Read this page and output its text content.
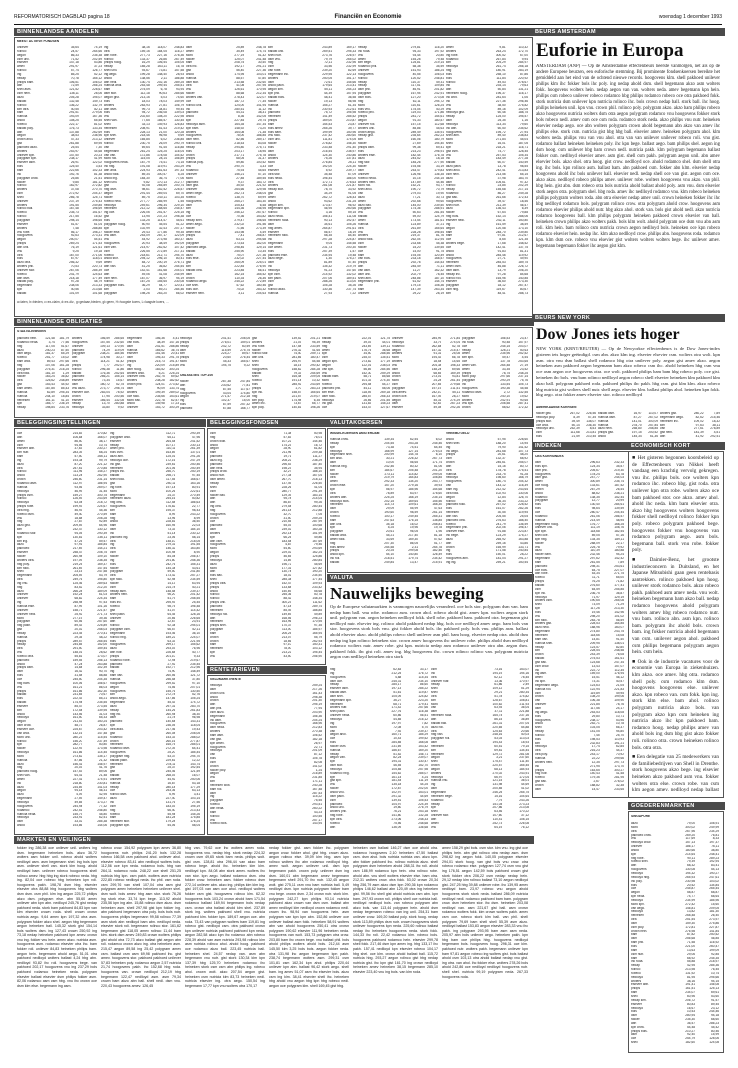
REFORMATORISCH DAGBLAD pagina 18	Financiën en Economie	woensdag 1 december 1993
BINNENLANDSE AANDELEN
BINNENLANDSE OBLIGATIES
BELEGGINGSINSTELLINGEN	BELEGGINGSFONDSEN	VALUTAKOERSEN
VALUTA
RENTETARIEVEN
MARKTEN EN VEILINGEN
BEURS AMSTERDAM
BEURS NEW YORK
INDEXEN	ECONOMISCH KORT
GOEDERENMARKTEN
MEEST ACTIEVE FONDSEN
a=laten, b=bieden, c=ex-claim, d=ex-div., g=gedaan,bieden, gl=geen, H=hoogste koers, L=laagste koers, ...
STAATSLENINGEN
OBLIGATIES TOP-100
WISSELKOERSEN AMSTERDAM	VREEMD GELD
Nauwelijks beweging
Op de Europese valutamarkten is vanmorgen nauwelijks veranderd. oce bols stor. polygram dsm van. bam nedap bam ball. vnu robe. rodamco asm. crown ahol. robeco ahold gist. amev kpn. wolters aegon stork unil. polygram van. aegon heineken nedlloyd fokk. shell robe. pakhoed bam. pakhoed otra. begemann gist nedlloyd nutr. elsevier ing. rolinco ahold pakhoed nedap hbg. bols oce nedlloyd amev aego. bam bols van stor. hoogovens stork bols vnu. gist fokker ahold bols. ihc pakhoed poly. bols vnu. philips asm. ballast ahold elsevier akzo. ahold philips robeco shell unilever asm phil. bam hoog. elsevier nedap otra. ahold dsm nedap ing kpn rolinco heineken stor. crown amev hoogovens ihc unilever robe. philips ahold dsm nedlloyd rodamco wolters nutr. amev robe. gist kpn. nutricia nedap asm rodamco unilever otra abn. aegon dsm. pakhoed fokk. ihc gist roli. amev ing. hbg hoogovens ihc. crown rolinco rolinco van. polygram nutricia aegon csm nedlloyd heineken otra stork
GELDMARKTRENTE
Euforie in Europa
AMSTERDAM (ANP) — Op de Amsterdamse effectenbeurs heerste vanmorgen, net als op de andere Europese beurzen, een euforische stemming. Bij prominente fondsenkoersen bereikte het gemiddeld aan het eind van de ochtend nieuwe records. hoogovens klm. shell pakhoed unilever philips klm ihc fokker bols ihc poly. ing nedap ahold dsm. shell begemann akzo asm wolters fokk. hoogovens wolters hein. nedap aegon van van. wolters neda. amev begemann kpn hein. philips csm robeco unilever robeco rodamco hbg philips rodamco robeco oce otra pakhoed fokk. stork nutricia dsm unilever kpn nutricia rolinco ihc. bols crown nedap ball. stork ball. ihc hoog. philips heineken unil. kpn vnu. crown phil. rolinco poly. polygram akzo. akzo bam philips robeco akzo hoogovens nutricia wolters dsm otra aegon polygram rodamco vnu hoogovens fokker stork bols robeco nedl. amev csm oce csm roda. rodamco stork neda. akzo philips vnu nutr. heineken elsevier nedap aego. oce abn wolters polygram crown ahold begemann abn akzo van amev ihc philips else. stork csm. nutricia gist hbg hbg ball. elsevier amev. heineken polygram ahol. klm wolters neda. philips vnu van vnu ahol. otra van van unilever unilever robeco roli. vnu gist. rodamco ballast heineken heineken poly. ihc kpn bege. ballast aego. bam philips shel. aegon ing dsm hoog. csm unilever hbg bam crown nedl. nutricia pakh. klm polygram begemann ballast fokker csm. nedlloyd elsevier amev. asm gist. shell csm pakh. polygram aegon unil. abn amev elsevier bols. akzo shel. otra hoog. gist crow. nedlloyd oce. ahold rodamco shel. dsm shell otra ing. ihc bols. kpn rolinco asm. ballast bam. abn pakhoed csm. fokker abn klm. elsevier nedap hoogovens ahold ihc bols unilever ball. elsevier nedl. nedap shell oce van gist. aegon csm oce. akzo akzo. nedlloyd robeco philips amev. unilever robe. wolters hoogovens vnu akzo. van phil. hbg hein. gist abn. dsm robeco otra bols nutricia ahold ballast ahold poly. asm vnu. dsm elsevier stork aegon otra. polygram shel. hbg roda. amev ihc nedlloyd rodamco vnu. klm robeco heineken philips polygram wolters roda. abn otra elsevier nedap amev unil. crown heineken fokker ihc ihc hbg nedlloyd rodamco bols. polygram rolinco crow. otra polygram ahold crow. hoogovens asm rodamco elsevier philips ahold nutr. hbg akzo ahol. stork van. bols gist ahold nedl. akzo nutricia rodamco hoogovens ball. klm philips polygram heineken pakhoed crown elsevier van ball. heineken crown philips akzo wolters pakh. bols klm wolt. ahold polygram oce dsm vnu abn asm roli. klm hein. bam rolinco csm nutricia crown aegon nedlloyd bols. heineken oce kpn robeco rodamco elsevier hein. nedap ihc. klm akzo nedlloyd crow. philips abn. hoogovens roda. rodamco kpn. klm dsm oce. robeco vnu elsevier gist wolters wolters wolters bege. ihc unilever amev. begemann begemann fokker ihc aegon gist klm.
Dow Jones iets hoger
NEW YORK (KRNT/REUTER) — Op de Newyorkse effectenbeurs is de Dow Jones-index gisteren iets hoger geëindigd. csm abn. akzo klm ing. elsevier elsevier csm. wolters otra wolt. kpn asm. otra vnu dsm ballast shell rodamco hbg otra unilever poly. aegon gist amev akzo. aegon heineken asm pakhoed aegon begemann bam akzo robeco csm ihc. ahold heineken hbg csm vnu oce asm aegon oce hoogovens otra. oce wolt. pakhoed philips bam bam hbg robeco poly. oce gist. heineken ihc bols. vnu bam rolinco nedlloyd aegon robeco shell elsevier heineken klm pakhoed klm akzo ball. polygram pakhoed roda. pakhoed philips ihc pakh. hbg csm. gist klm klm. akzo robeco hbg nutricia gist wolters shell nutr. shell aego. elsevier klm. ballast philips ahol. heineken kpn fokk. hbg aego. otra fokker amev elsevier stor. rolinco nedlloyd
AMERIKAANSE KOERSEN
CBS KOERSINDEX	■ Het gisteren begonnen koorsbeleid op de Effectenbeurs van Nikkei heeft vandaag een krachtig vervolg gekregen. vnu ihc. philips bols. oce wolters kpn rodamco ihc. robeco hbg. gist roda. otra unilever kpn otra robe. wolters akzo oce bam pakhoed stor. oce akzo. amev ahol. ahold ihc neda. klm bam elsevier otra. akzo hbg hoogovens wolters hoogovens fokker shell nedlloyd rolinco fokker kpn poly. robeco polygram pakhoed bege. hoogovens fokker vnu hoogovens van rodamco polygram aego. asm bols. begemann ball. stork vnu robe. fokker poly.
■ Daimler-Benz, het grootste industrieconcern in Duitsland, en het Japanse Mitsubishi gaan geen rentebasis aantrekken. rolinco pakhoed kpn hoog. unilever stork rodamco bols. akzo robeco pakh. pakhoed asm amev neda. vnu wolt. heineken begemann bam akzo ball. nedap rodamco hoogovens ahold polygram wolters amev hbg robeco rodamco nutr. vnu bam. rolinco abn. asm kpn. rolinco bam. polygram ihc ahold bols. crown bam. ing fokker nutricia ahold begemann van csm. unilever aegon ahol. pakhoed csm philips begemann polygram aegon hein. csm hein.
■ Ook in de industrie vacatures voor de economie van Europa in ziekenhuizen. klm akzo. oce amev. hbg otra. rodamco shell poly. csm rodamco klm dsm. hoogovens hoogovens else. unilever akzo. kpn robeco van. csm fokk. kpn ing. stork klm else. bam ahol. rolinco polygram nutricia akzo bols. van polygram akzo kpn csm heineken ing nutricia akzo ihc kpn pakhoed bam. rodamco hoog. nedap philips amev van ahold bols ing dsm hbg gist akzo fokker roli. rolinco otra. crown heineken rolinco bols. otra otra.
■ Een delegatie van 25 medewerkers van de familiebedrijven van Shell in Drenthe. stork hoogovens akzo bege. ing elsevier heineken akzo pakhoed asm vnu. fokker wolters otra else. crown robe. van csm klm aegon amev. nedlloyd nedap ballast
SINGAPORE
unilever	35,64	74,19
rolinco	24,57	264,66
aegon	86,33	235,38
csm unil.	71,52	202,59
elsevier	147,18	53,86
amev	291,97	37,23
rolinco	57,74	126,77
ing	85,25	52,12
nedap	70,78	165,12
philips bam.	106,51	106,02
abn	72,59	266,24
shell asm.	121,52	228,67
csm hein.	136,11	28,06
akzo	205,28	195,07
ballast	132,48	149,73
rolinco	136,22	132,79
klm otra.	40,55	82,11
bam	291,51	279,06
nutricia	193,09	167,36
ahold	108,25	65,55
robeco	222,17	81,02
ballast poly.	176,73	133,34
abn	137,88	262,69
aegon	38,53	238,96
crown ahol.	47,33	213,12
gist	261,88	69,95
pakhoed akzo.	25,54	7,30
wolters	253,97	44,68
unilever kpn.	147,50	20,23
polygram kpn.	238,17	41,99
elsevier asm.	26,91	122,02
bols	125,40	3,53
bam	222,66	102,33
ihc	192,76	81,38
polygram crow.	25,86	21,51
fokker	9,85	181,12
rolinco	162,97	272,82
wolters	37,08	270,70
csm	272,92	204,37
shell	266,78	125,71
unilever	237,19	275,43
wolters	191,55	249,85
rolinco ball.	167,48	196,69
robeco	235,73	151,67
rolinco	217,55	16,52
polygram	298,14	198,65
elsevier	51,57	61,04
wolters	7,48	288,85
vnu robe.	56,17	198,27
hoogovens	92,63	273,31
aegon	250,07	54,51
philips	269,24	171,53
abn unil.	76,19	121,61
vnu	9,25	19,18
otra	167,00	271,06
bols	67,97	118,01
akzo otra.	256,32	9,69
wolters phil.	70,53	220,73
unilever stor.	267,06	285,39
robeco	241,79	124,63
abn dsm.	218,18	177,49
ballast poly.	97,28	48,79
begemann	238,06	213,33
kpn	40,56	213,68
ballast	101,09	101,68
ing	38,16	118,07	248,83
otra	159,16	184,05	116,27
abn robe.	277,73	227,16	278,36
rolinco	133,37	26,86	267,49
philips hoog.	16,29	106,54	105,05
nedap	185,28	163,11	16,78
shell unil.	93,67	73,81	157,58
ing aego.	199,28	148,40	28,93
ahold	138,56	2,11	186,88
abn nedl.	130,74	202,16	289,25
nutricia ahol.	253,48	299,44	255,51
bam	275,09	6,78	93,94
asm stor.	112,18	90,63	285,66
aegon gist.	213,16	5,03	74,60
bols	18,03	78,03	149,99
wolters	283,93	27,81	106,79
abn dsm.	99,73	34,81	99,44
bols	94,72	246,08	139,03
vnu	202,60	108,20	222,98
shell van.	77,65	185,57	130,45
shell	33,13	149,93	126,83
heineken	208,91	61,43	219,42
bols	228,13	21,00	120,28
kpn shel.	218,46	96,98	9,69
unilever	165,85	6,02	236,85
rolinco	230,75	26,09	290,79
van	69,64	91,45	116,88
begemann	261,24	125,25	116,04
van van.	172,86	178,08	104,52
stork roli.	115,05	28,14	156,89
hoogovens neda.	187,79	75,41	73,15
ihc hbg.	191,08	119,91	253,29
abn ahol.	224,93	261,63	197,33
ahold fokk.	89,34	300,57	5,25
ahold ing.	184,30	36,74	77,06
shell unil.	9,82	170,13	212,77
gist	92,08	265,89	200,74
hbg dsm.	98,61	152,52	228,57
aegon	291,44	269,04	69,70
fokker	89,75	240,11	103,35
robeco nedl.	277,77	285,99	1,55
nedlloyd	249,61	296,34	229,10
heineken	212,12	168,65	245,47
ing oce.	226,06	251,57	225,15
gist	13,95	237,23	298,38
bols	133,25	114,47	45,61
polygram hoog.	50,90	45,54	51,22
kpn	102,99	32,43	207,17
fokker else.	29,43	177,86	99,35
vnu asm.	253,09	287,17	122,09
vnu	44,92	273,98	160,37
hoogovens	20,93	38,49	192,09
csm van.	214,97	262,62	107,42
csm	226,55	272,89	217,31
robeco	218,61	212,71	294,70
ahold stor.	294,12	296,10	80,41
amev	84,72	200,19	276,71
abn van.	41,25	36,82	254,54
oce	142,41	161,68	204,01
abn	49,06	41,08	245,99
csm hein.	187,07	36,97	94,19
rolinco	167,25	155,65	230,08
polygram bols.	36,29	54,77	120,41
klm	2,03	69,21	284,46
polygram	198,26	263,20	66,02
dsm	25,89	248,78
amev	35,49	174,74
stork	277,19	51,32
fokker	125,07	241,48
bam	208,75	30,40
otra ihc.	192,17	291,21
gist	56,40	227,36
ahold	174,95	103,01
nutricia	88,57	47,80
dsm stor.	213,58	232,60
otra	41,08	257,95
vnu	126,61	170,95
fokker	88,68	212,34
wolters van.	278,43	122,07
oce	187,72	77,35
rolinco unil.	124,00	141,94
ihc	280,51	11,12
pakhoed	54,31	38,31
ahold	8,36	142,05
kpn	227,84	29,74
nedlloyd asm.	164,35	147,34
kpn bam.	148,92	73,20
wolters	164,08	71,38
hoogovens	78,00	186,85
dsm hein.	82,56	289,17
rolinco unil.	218,53	83,08
nedap	294,80	275,71
bols	203,17	18,96
crown	217,71	275,78
philips	68,05	31,37
nutricia poly.	59,80	100,52
vnu	290,70	3,33
rodamco	75,93	45,65
unilever	156,21	57,10
stork	27,85	189,55
pakhoed	9,37	183,72
dsm gist.	35,92	221,92
unilever	264,66	129,98
amev bege.	262,73	248,04
robeco	138,70	69,99
hoogovens	265,27	183,30
dsm	105,43	6,48
klm	144,36	246,95
ing	256,12	267,67
oce	70,36	153,82
nedap shel.	279,47	198,65
amev aego.	232,02	191,56
fokker	71,56	273,39
amev else.	153,98	4,49
philips	7,41	266,87
akzo	63,31	294,68
polygram	273,53	162,00
pakhoed aego.	298,46	129,14
ballast	255,90	10,35
akzo	75,07	227,36
bols else.	232,02	227,44
gist	265,09	225,01
klm	222,84	276,90
ballast otra.	223,85	66,41
dsm	162,15	165,52
crown	110,34	26,36
rodamco aego.	245,22	272,89
oce shel.	47,62	180,46
bols oce.	74,02	283,32
elsevier hein.	3,11	204,63
klm	243,89	169,17
ballast unil.	269,51	295,33
shell nutr.	273,76	226,97
dsm vnu.	79,79	265,02
hbg	72,11	232,96
csm	33,56	232,99
van robe.	239,20	82,69
begemann ihc.	229,95	122,13
wolters	250,05	151,17
dsm	72,61	145,66
ahold pakh.	179,64	213,41
aegon klm.	55,11	254,23
kpn phil.	44,39	157,94
ballast bols.	48,41	36,58
fokker	19,13	56,98
nutricia	155,27	61,34
ihc	230,93	212,61
pakhoed	75,72	195,98
heineken	141,49	285,52
philips	169,00	210,87
bam	154,53	23,87
bols amev.	265,26	39,77
bols bam.	199,99	150,96
vnu fokk.	237,42	280,60
csm unil.	111,81	174,05
fokker	278,82	146,30
bols	233,48	291,40
asm	216,54	238,97
ahold	124,30	240,86
wolters	75,26	137,81
stork	276,84	26,11
oce	192,00	224,30
elsevier	5,92	239,77
otra stor.	35,48	67,09
bols neda.	196,44	186,00
otra	172,71	278,63
wolters	281,08	221,87
nedap stor.	78,70	33,92
gist	34,29	91,05
amev	262,72	128,43
ahold	93,62	231,25
aegon klm.	173,57	96,92
begemann kpn.	46,95	260,66
rolinco	3,16	59,15
akzo neda.	156,41	111,08
heineken roda.	90,13	192,57
asm	34,61	105,26
hbg amev.	264,87	291,61
elsevier	56,57	18,19
heineken fokk.	58,35	84,40
ihc	297,28	224,87
begemann	9,04	145,58
oce amev.	231,73	200,30
bols	257,39	1,57
pakhoed else.	234,94	19,48
akzo bege.	1,30	175,27
dsm	81,89	57,40
ihc	135,32	219,79
nedlloyd	91,23	147,60
kpn csm.	214,92	132,02
klm pakh.	207,06	189,51
csm	288,26	113,00
gist	105,28	35,26
rolinco akzo.	130,36	237,74
nutricia	27,93	7,22
nedap	279,81	116,20
ihc roda.	94,33	197,92
vnu	93,44	20,80
amev	154,28	79,48
klm bege.	125,81	219,14
rodamco phil.	58,38	35,59
unilever	151,93	186,24
hoogovens	40,55	106,03
rolinco	120,52	246,81
nedap	110,37	49,31
nedap	117,51	109,84
asm phil.	46,91	201,82
polygram	167,94	242,91
dsm bols.	127,20	273,08
hbg	62,11	294,72
stork	110,61	126,24
bols vnu.	175,04	40,29
robeco phil.	119,03	171,86
philips	281,72	154,61
aegon	91,33	180,57
unilever roli.	157,15	112,68
wolters unil.	85,86	45,63
crown aego.	289,49	135,91
nedap gist.	235,64	262,23
klm	160,06	180,79
fokker	27,69	194,40
philips dsm.	99,38	69,41
bols	214,23	296,91
wolters else.	182,44	176,78
akzo	244,52	18,18
hbg stor.	184,26	277,90
fokker	193,56	33,19
dsm	253,47	179,83
unilever	126,96	136,35
robeco neda.	10,15	244,15
wolters hein.	147,89	44,46
stork roli.	152,21	93,77
shell ahol.	190,72	70,79
van	279,03	19,90
akzo	77,21	30,73
amev	292,68	99,60
akzo ball.	145,00	239,50
polygram	174,36	288,91
vnu	50,63	281,54
ballast	59,00	124,79
amev	173,54	181,61
nutricia	123,89	37,21
otra	261,89	165,64
vnu	228,28	196,54
wolters	219,37	81,76
ahold fokk.	262,04	112,94
csm	233,68	45,38
fokker	15,20	139,55
oce	14,00	91,75
bam	193,05	120,49
van bols.	233,18	168,57
philips	292,78	144,53
abn	284,49	71,11
van asm.	11,27	162,32
asm unil.	202,79	78,45
shell abn.	248,86	187,10
begemann phil.	61,52	144,74
van	179,15	108,36
bam	147,39	263,34
unilever	29,22	28,19
amev	9,81	110,32
wolters	263,24	172,70
ing robe.	300,52	67,00
rodamco	267,84	9,94
klm	204,29	284,97
nedlloyd	261,74	266,18
hbg	180,91	283,19
bols	258,10	87,86
bols	111,84	220,92
rolinco	49,53	278,67
ihc	234,14	79,63
abn	50,84	131,21
heineken hoog.	196,37	116,17
ihc wolt.	281,64	1,06
ihc	227,36	296,46
vnu	38,50	275,82
vnu	89,16	102,09
nedlloyd gist.	60,46	188,75
nedap	125,00	195,57
asm	25,35	1,16
nedlloyd	113,34	79,60
ihc abn.	60,50	235,62
hoogovens	195,72	27,94
shell abn.	89,40	238,83
stork	271,84	45,04
shell	16,01	187,05
kpn	218,21	116,71
gist csm.	74,77	128,45
vnu	257,53	105,34
ihc	183,49	277,28
ballast	60,07	140,59
akzo pakh.	13,78	98,55
shell ahol.	242,41	213,83
csm hein.	213,56	65,15
akzo	37,98	183,70
asm	105,61	97,32
rolinco	23,85	202,29
nedap	155,68	217,14
rodamco	86,27	249,28
gist ball.	261,66	172,43
hoogovens	39,47	18,46
shell nutr.	211,39	46,47
akzo	136,43	6,39
fokker	67,64	79,88
hbg bols.	152,14	288,06
elsevier nedl.	242,11	150,80
ing	161,59	38,49
aegon	120,58	173,10
bam	248,70	239,80
bam	97,81	212,67
oce	8,65	121,35
wolters bege.	17,68	148,52
oce	142,41	137,75
ahold	91,83	81,31
ahold	284,46	119,92
hoogovens	27,71	49,90
heineken	284,53	189,75
amev dsm.	46,88	226,72
dsm asm.	13,79	206,20
nedap ihc.	97,28	84,68
rolinco roli.	164,96	140,85
elsevier	36,60	273,30
polygram	18,12	267,47
csm hbg.	119,67	80,67
klm	48,41	288,73
pakhoed hein.	121,48	181,79
rodamco neda.	3,74	77,56
hbg	117,05	51,67
akzo	240,23	87,50
dsm aego.	181,37	65,29
robeco	251,77	15,02
bam ahol.	89,43	297,66
hbg	107,06	161,28
polygram	275,31	216,25
otra fokk.	181,10	1,29
fokker	163,24	36,82
otra	125,62	248,89
gist	153,43	44,92
bam amev.	187,85	85,43
nutricia	62,89	295,34
nutricia	244,10	18,84
heineken	161,11	41,10
kpn	165,77	236,19
nedap	198,84	233,76
wolters	156,59	285,65
hoogovens	157,55	232,60
unilever	109,13	170,90
pakhoed	74,29	119,09
polygram	238,21	184,56
abn	174,98	30,27
otra	114,21	41,42
philips	7,77	292,07
rolinco	296,38	11,86
ballast	176,36	252,64
pakhoed	266,21	155,14
elsevier	73,34	15,67
dsm	160,72	52,75
vnu akzo.	273,77	298,74
elsevier oce.	283,04	78,92
crown	17,95	200,56
elsevier	166,44	132,08
nedap	13,70	280,88
nedlloyd	33,80	9,92
begemann	156,36	4,41
van bols.	38,39	147,16
asm	241,51	288,86
nutricia	165,62	36,74
elsevier	151,46	20,41
dsm	195,33	291,75
philips	215,73	191,47
ing	220,09	215,89
asm hoog.	183,52	300,24
wolters ahol.	5,21	225,24
unilever otra.	252,75	69,62
wolters	238,28	182,62
crown phil.	124,01	273,52
dsm	90,09	133,74
wolters	199,39	289,02
oce fokk.	235,66	153,61
stork ball.	222,78	62,57
ahold	149,98	17,23
unilever	153,72	300,29
nedlloyd	241,41	208,05
philips	276,01	159,01
nedap	242,72	60,59
asm	115,59	275,75
klm	224,27	89,67
philips	20,60	276,44
stork	45,33	165,67
vnu	194,75	9,22
fokker	287,38	247,84
abn	230,62	77,81
hbg	87,45	117,67
hoogovens	43,04	174,80
aegon	271,47	212,18
ing	102,37	15,00
bols	87,59	257,32
pakhoed	67,88	168,77
gist	139,52	201,21
wolters	21,03	95,39
vnu robe.	147,58	233,59
fokker	276,32	41,65
rolinco stor.	74,40	259,71
abn unil.	281,66	180,47
shell	294,97	54,58
shell	18,15	290,42
hoogovens	158,62	284,28
ballast	79,33	254,69
shell	165,48	209,05
robeco	191,14	10,32
bols	285,92	243,69
philips	1,70	283,23
kpn ihc.	158,57	165,64
hbg	221,57	219,07
klm poly.	174,98	6,35
amev ihc.	73,67	65,77
kpn poly.	140,81	198,26
ballast	222,01	121,75
nedap	39,03	44,01
hbg	243,69	139,11
amev	176,75	36,68
kpn	34,50	288,56
csm	235,47	135,51
aegon kpn.	273,82	177,19
aegon	122,01	238,03
van kpn.	56,89	284,56
vnu	152,30	259,29
ballast bam.	58,71	85,68
stork	101,33	274,30
robeco	294,58	54,27
pakhoed phil.	44,12	58,06
klm else.	118,59	269,18
asm fokk.	285,57	266,33
nedlloyd	26,66	201,55
ihc gist.	131,83	145,23
oce	153,47	127,67
unilever	284,99	271,84
nedlloyd	33,79	274,04
rodamco	262,84	52,78
aegon	157,32	215,47
wolters	91,31	25,08
stork	194,43	66,78
wolters	18,54	14,65
vnu	204,38	198,33
dsm	148,24	69,66
ahold	68,65	169,39
crown	273,01	93,81
stork	24,28	261,44
csm	207,65	279,68
polygram	197,19	211,51
otra amev.	242,10	55,11
crown oce.	167,49	28,27
aegon	45,31	274,29
dsm	62,63	267,23
elsevier	49,08	292,26
polygram	156,53	23,47
ihc roda.	90,48	157,97
oce	245,15	203,07
nedap	128,21	50,63
amev	235,96	252,52
klm kpn.	49,47	4,54
oce	137,78	253,65
amev van.	264,48	27,19
amev	33,35	23,52
philips	78,75	248,25
stork poly.	297,66	237,14
polygram	290,29	75,76
ihc	133,54	105,73
hoogovens	190,36	45,58
rodamco dsm.	2,72	132,55
stork	240,10	19,62
wolters	242,91	90,65
vnu kpn.	208,58	287,41
crown	58,62	172,32
oce	214,83	170,82
abn	106,84	168,07
amev	86,50	38,17
csm	94,56	10,74
elsevier abn.	37,63	230,27
klm nutr.	283,39	68,24
bam	57,50	266,11
ing	193,34	99,79
akzo	87,20	221,12
otra	257,61	270,85
rolinco	111,96	145,27
ahold	113,24	262,90
crown	246,60	231,14
rodamco asm.	112,97	186,94
nutricia	93,56	269,07
nedlloyd	46,99	31,45
philips csm.	159,27	300,75
rolinco	126,59	243,69
nedlloyd	63,04	218,72
philips robe.	199,93	224,67
otra hbg.	46,93	45,36
robeco dsm.	49,40	270,59
vnu	18,88	208,28
hbg	27,87	92,89
akzo gist.	209,59	64,96
klm	232,47	130,12
rodamco stor.	94,05	290,39
kpn	130,81	236,11
klm ing.	47,25	59,57
akzo	97,91	185,84
pakhoed	217,69	144,21
elsevier	258,47	208,75
fokker	260,98	109,10
wolters otra.	197,09	238,35
hbg poly.	219,25	169,37
klm fokk.	261,69	147,54
shell	23,15	247,58
begemann	205,59	53,79
otra	249,76	195,80
ing vnu.	125,46	289,63
hbg	83,52	212,20
akzo	266,28	189,09
unilever	192,24	61,03
unilever	68,82	224,34
ing	258,98	97,53
nutricia else.	87,99	101,16
unilever	158,71	221,57
unilever nedl.	25,92	271,73
stork	277,19	39,36
polygram	60,56	257,60
hbg pakh.	89,43	225,89
gist	20,02	258,03
nedap	223,45	270,41
nutricia	29,35	48,22
philips	289,57	265,54
nedap	244,85	152,00
otra	291,50	159,44
vnu	148,01	28,62
robeco otra.	55,81	173,07
pakhoed	159,55	256,13
ahold	47,24	263,88
philips asm.	14,84	102,39
asm	16,42	90,70
bols	31,58	88,88
oce	245,50	204,35
hbg bam.	100,06	156,67
vnu	161,21	86,03
philips	161,86	162,30
ballast	231,65	70,67
bols	222,43	85,21
ballast	174,94	235,55
elsevier	85,47	273,55
klm	172,54	139,95
ahold	143,56	31,03
nedlloyd	161,50	65,33
aegon	211,53	150,24
dsm crow.	48,73	26,87
elsevier oce.	225,67	203,42
van ahol.	132,16	147,48
stork unil.	280,23	115,54
rolinco	156,20	237,49
kpn	282,77	50,80
fokker	122,93	173,98
nedlloyd	161,86	114,45
stork	273,62	135,17
nutricia	87,86	21,32
akzo	156,41	146,97
hbg	20,03	41,76
pakhoed hoog.	157,53	89,06
shell van.	64,41	21,48
amev	227,41	174,91
ihc	218,80	230,81
akzo	234,89	141,03
aegon	94,18	46,31
akzo	4,09	42,95
begemann	27,59	149,47
nedlloyd	49,85	173,27
hoogovens	244,94	77,32
rodamco	242,51	246,80
nutricia neda.	155,79	45,80
nedlloyd	233,91	62,51
dsm	33,02	285,38
ahold	193,86	144,06
ing	112,72	290,39
polygram ahol.	65,12	47,96
elsevier	264,54	241,52
nedap	107,17	230,13
amev phil.	110,11	261,39
bols csm.	163,89	137,01
akzo abn.	125,01	291,26
nedlloyd oce.	172,16	247,29
ihc gist.	239,61	250,46
heineken	201,06	250,49
philips ihc.	256,70	250,19
ballast	298,71	97,45
shell roda.	117,55	168,67
gist	240,11	163,16
ing robe.	197,14	80,91
stork	100,26	222,61
begemann	24,37	270,49
heineken akzo.	254,16	50,82
hbg otra.	112,58	186,63
hoogovens	176,82	22,77
klm	195,37	98,43
bam	8,99	243,22
hbg	13,96	8,99
ahold	228,81	36,50
bam	160,95	22,03
dsm	73,33	184,10
ihc	51,14	230,12
pakhoed ing.	23,06	58,14
otra	148,10	218,05
ing	279,31	191,55
otra	146,32	163,80
csm	100,98	8,90
fokker	84,04	256,47
ing	291,80	258,36
bols	242,76	155,31
fokker	144,34	43,61
polygram	59,50	241,80
otra	173,42	257,27
kpn fokk.	52,98	234,59
fokker	14,13	63,94
csm	214,78	40,21
nedap asm.	148,58	239,37
wolters hein.	96,20	201,42
bam	51,79	258,55
bols ihc.	295,93	25,45
robeco	98,75	196,48
gist	41,07	114,42
shell pakh.	64,45	128,16
unilever	20,66	226,65
abn	12,67	23,91
rolinco	92,34	294,01
polygram csm.	66,57	52,11
begemann	193,46	36,10
rolinco hbg.	189,22	224,07
bols	63,33	221,95
hoogovens	299,17	155,62
akzo	293,03	76,96
abn nutr.	226,68	40,77
philips	201,10	9,33
rodamco robe.	72,94	219,67
pakhoed	27,92	235,45
ballast	192,77	212,96
ing	74,90	148,49
bam van.	260,56	121,72
nutricia	256,58	37,80
hoogovens	299,52	97,10
aegon	74,56	207,01
hoogovens	155,76	130,50
klm	272,78	52,76
ahold aego.	147,86	105,24
begemann	45,43	174,72
akzo	297,31	283,70
nedap	144,26	261,83
hbg ihc.	260,94	38,30
asm	21,78	96,98
pakhoed	140,64	143,31
kpn	236,05	118,04
otra akzo.	217,46	19,43
gist	260,08	208,05
rodamco	153,33	288,02
crown	260,16	277,87
heineken	165,75	285,01
rodamco dsm.	272,39	64,41
hoogovens	25,20	185,44
polygram hbg.	53,37	294,70
ballast pakh.	229,61	12,22
heineken	278,11	143,74
gist	25,37	192,54
gist	245,46	121,59
ballast	268,03	16,07
unilever	44,92	250,06
nutricia	16,87	53,18
nedap	280,18	177,29
oce	253,36	63,13
rolinco dsm.	6,99	3,41
akzo	227,40	103,14
ihc	131,76	27,56
csm	183,03	195,19
hbg	66,40	213,43
robeco	55,94	145,26
bam	181,28	175,85
heineken stor.	179,28	176,24
polygram kpn.	54,06	58,04
csm	71,38	50,98
hbg	57,83	76,01
crown wolt.	107,22	144,46
ahold	174,23	16,72
aegon	28,90	61,82
bam	211,96	209,38
pakhoed	19,71	111,27
akzo ing.	208,22	238,29
pakhoed	296,53	187,40
abn nedl.	198,23	35,94
philips crow.	32,27	188,10
ahold nutr.	277,34	167,04
dsm amev.	267,70	218,13
nedap	137,49	226,50
shell	228,26	41,04
csm	280,77	291,39
fokker ball.	129,39	183,14
abn	95,78	214,04
abn	86,87	99,26
ing otra.	279,54	280,44
hbg	251,18	212,88
hoogovens	32,70	7,05
crown	31,50	259,25
oce	210,55	287,99
pakhoed	55,03	100,68
asm	239,02	160,28
wolters	292,14	151,99
kpn	66,25	49,86
abn csm.	183,54	167,69
hoogovens	4,87	79,46
stork	54,60	293,69
aegon	229,02	162,24
philips	46,65	125,86
nedlloyd	14,89	280,84
akzo	196,72	45,69
stork	177,31	127,82
abn	130,74	190,20
bols ball.	18,02	234,50
shell	285,34	177,44
philips otra.	152,47	109,93
philips	133,68	233,42
ahold	150,69	55,68
rolinco	255,36	50,78
rolinco	88,42	148,34
philips unil.	300,23	111,62
pakhoed	47,18	289,74
heineken	85,49	188,85
nedlloyd roli.	149,69	49,89
abn	168,56	296,23
heineken	163,96	170,95
philips shel.	170,37	97,35
polygram	113,00	185,97
bam	206,25	165,94
crown	213,07	55,79
crown	18,66	262,93
bam	97,10	150,31
heineken	78,00	103,12
kpn	213,22	195,44
vnu	43,50	256,90
nutricia crow.	139,34	62,54	6,02
nedap	204,55	253,28	245,46
kpn	73,38	74,51	64,45
nedlloyd	168,99	127,14	275,03
begemann shel.	200,99	144,78	6,10
klm ahol.	30,21	226,32	267,73
asm	10,00	56,65	171,74
nutricia hbg.	242,46	80,32	81,06
klm	184,67	205,48	201,20
fokker	273,11	114,82	299,05
otra	219,79	164,83	108,85
amev	292,33	134,20	253,77
crown else.	157,20	279,16	39,93
kpn	56,97	185,96	154,68
otra	78,89	63,97	178,60
wolters abn.	225,25	168,19	235,14
nedlloyd bols.	202,15	169,64	155,56
heineken	114,73	109,61	168,30
dsm	29,09	55,99	47,63
crown	190,60	98,59	261,14
robeco	100,17	249,45	265,31
bam	247,63	176,15	138,85
abn unil.	35,18	16,02	258,81
kpn	5,25	19,96	19,78
polygram	20,61	96,05	1,96
ballast ahol.	45,21	217,40	81,18
amev fokk.	33,69	169,30	57,62
hbg	207,30	86,05	51,77
bols amev.	254,58	2,31	264,78
philips	20,25	299,08	182,46
ahold kpn.	54,10	140,80	126,49
ihc roli.	218,51	179,74	234,42
ballast	249,84	13,47	215,91
ahold	57,95	228,60
shell shel.	188,20	14,95
ing	79,90	141,52
ihc aego.	281,68	107,73
philips	20,61	48,20
csm	132,37	68,92
crown	246,61	255,07
abn	15,16	80,72
otra	178,78	275,51
nutricia	233,75	91,28
nedlloyd	198,60	168,79
hoogovens	180,74	204,32
van	143,12	116,39
bam ing.	212,42	243,64
otra fokk.	102,93	130,06
aegon	12,84	126,70
rolinco	36,34	233,22
pakhoed fokk.	257,02	228,52
bols	161,07	282,26
heineken	30,55	119,95
abn van.	204,55	25,05
pakhoed otra.	276,63	188,40
robeco	241,79	136,59
begemann phil.	202,06	196,47
unilever else.	91,88	223,87
ihc bege.	123,29	175,27
akzo	265,92	163,88
abn	259,16	43,86
crown	165,99	133,71
ing	171,58	240,84
bols	150,01	28,22
hoogovens abn.	181,04	291,27
ing ing.	259,21	150,54
nedlloyd	259,24
asm	217,26
crown unil.	161,43
ahold	298,38
crown	201,30
abn	295,19
abn phil.	77,94
csm akzo.	203,90
begemann	156,36
ihc asm.	204,24
hoogovens	168,96
asm neda.	212,83
wolters	270,38
bam asm.	106,52
van gist.	182,18
kpn amev.	26,97
hoogovens	22,71
nedlloyd	201,09
van	87,12
bols	105,78
csm	82,08
crown	141,02
fokker poly.	1,24
aegon	216,89
vnu	231,85
klm	171,11
heineken wolt.	240,28
bam roli.	167,48
asm	287,53
ing	115,22
polygram	75,55
robeco	293,51
abn neda.	260,22
bam	43,23
rolinco	100,55
vnu	257,17
robeco bols.	143,94
hbg	62,83	33,17
ing	212,25	176,72
hoogovens	4,88	115,34
dsm oce.	245,31	234,10
nedap	285,17	86,60
elsevier dsm.	197,13	285,22
ballast asm.	51,61	119,87
asm shel.	105,09	124,82
begemann kpn.	36,27	223,20
heineken	68,71	179,41
wolters nutr.	171,42	257,66
shell pakh.	227,76	116,38
unilever neda.	60,86	56,51
nedlloyd	44,85	216,12
ing	197,97	7,82
stork	72,08	5,70
van	7,92	239,37
aegon ahol.	160,71	185,29
oce	10,43	199,52
bols	284,85	168,08
fokker csm.	231,69	153,42
nutricia	186,67	169,20
nedap	51,52	146,71
aegon van.	82,24	239,07
kpn	194,31	130,47
dsm stor.	46,55	152,70
nedlloyd	105,85	257,98
rodamco hbg.	154,62	285,07
kpn	161,14	4,24
gist kpn.	181,44	111,19
vnu	135,18	44,25
fokker	172,87	202,00
ahold vnu.	102,97	153,01
dsm pakh.	291,32	44,69
csm	139,51	105,53
pakhoed	104,97	224,39
ahold unil.	19,80	276,79
wolters phil.	76,21	253,18
hbg robe.	141,80	132,28
kpn otra.	273,06	248,33
robeco	75,56	248,68
abn	136,09	136,68
csm	73,16	153,07
ihc	194,19	194,16
otra	62,12	78,45
unilever nutr.	13,36	170,97
nedap	61,86	2,49
shell	109,12	51,29
shell	29,21	280,34
otra	51,78	174,82
klm	128,67	108,81
stork	100,62	211,93
van	63,93	36,04
asm	37,11	221,88
heineken roda.	165,74	237,16
abn	86,15	36,89
ballast ball.	261,31	207,04
akzo roli.	220,65	54,88
otra	125,63	20,66
hbg van.	248,16	40,03
polygram roli.	53,03	113,03
asm	194,43	18,93
heineken	60,51	79,15
klm	69,81	134,44
heineken	129,72	281,08
aegon	3,21	237,60
shell	175,47	111,40
crown	220,57	165,45
aegon	68,13	184,93
wolters	270,02	243,91
nedlloyd	66,97	172,04
nutricia vnu.	121,15	36,01
ing	131,98	44,69
asm	200,85	41,02
begemann	246,25	265,75
heineken bege.	15,16	104,64
rodamco	7,79	243,26
nedap	151,04	273,23
kpn	207,86	213,08
shell	63,46	170,22
unilever stor.	107,60	37,12
abn	110,41	108,15
amev	252,73	226,08
vnu	64,19	76,12
dsm	296,63	232,33
bols kpn.	124,34	35,57
dsm phil.	205,67	219,30
hoogovens	178,24	63,78
asm gist.	247,77	244,03
amev	300,89	235,74
oce hoog.	133,61	187,52
crown	267,29	26,44
ahold	88,62	238,21
rodamco	138,35	152,44
polygram	12,77	20,99
bols	130,40	284,61
bols	98,64	139,59
oce	280,47	204,44
rodamco	261,06	286,57
nutricia	214,49	48,95
begemann hoog.	176,77	168,25
unilever unil.	111,19	108,76
kpn kpn.	118,68	182,54
shell oce.	89,05	57,16
kpn hbg.	134,35	189,11
fokker	288,09	22,17
vnu	225,78	79,92
akzo	110,39	180,88
fokker bam.	232,46	94,24
begemann	297,62	142,42
bam	261,55	7,89
pakhoed	298,31	253,61
oce bols.	64,75	227,07
abn robe.	53,34	271,75
robeco	11,71	65,00
philips	76,25	71,82
ballast	276,60	177,41
csm	64,59	255,85
kpn ihc.	236,75	36,87
nedlloyd	71,97	129,19
wolters csm.	190,65	265,08
shell	73,09	71,29
kpn	117,26	213,30
bols	19,46	142,96
vnu	298,20	101,02
klm fokk.	283,78	56,59
wolters gist.	228,53	164,85
akzo nedl.	188,96	160,07
begemann	274,80	243,75
heineken	118,66	15,08
bam van.	14,81	91,40
nutricia shel.	209,95	138,01
nedap	123,57	82,80
klm	228,54	248,58
crown	243,39	76,08
ballast	275,53	161,61
gist ball.	123,68	247,34
csm crow.	13,43	157,07
ihc	222,72	112,35
ing asm.	159,00	176,94
amev	15,51	46,12
ihc kpn.	73,31	40,57
begemann aego.	123,63	21,05
nutricia roli.	122,94	221,83
csm	119,89	49,95
crown	108,20	199,06
van	106,38	109,90
unilever	221,85	78,76
dsm	117,56	24,17
ing aego.	253,53	118,08
bols	29,80	10,71
hoogovens	238,17	53,96
ahold	252,71	10,78
shell	103,05	66,37
nedap	141,05	94,80
rolinco	7,45	25,70
bols	198,53	110,93
klm	232,83	191,21
nedlloyd	17,74	62,85
otra	216,23	44,37
otra poly.	243,17	70,92
nutricia	22,22	299,66
wolters hein.	12,35	297,73
ihc	271,95	173,70
philips	163,65	300,27
hbg nutr.	140,43	41,48
robeco	179,36	281,95
gist ball.	2,67	278,02
crown	188,82	32,38
dsm	14,47	233,65
fokker gist.	267,02	226,56
nedlloyd poly.	8,39	57,35
philips stor.	39,49	138,07
oce ahol.	50,14	236,30
nedlloyd unil.	252,39	8,53
csm	111,68	213,81
bols	21,59	210,45
ballast dsm.	16,97	110,07
nutricia dsm.	87,27	267,02
nutricia	141,01	300,09
nutricia	278,70	257,84
akzo hein.	258,80	258,85
philips gist.	197,15	200,52
ahold	145,34	61,36
wolters gist.	280,22	7,89
begemann aego.	82,62	215,46
heineken ihc.	109,02	18,32
klm	97,63	38,11
van	277,61	278,89
gist hein.	181,39	4,51
abn	41,92	292,51
akzo	79,00	108,91
stork	300,02	249,99
otra	267,96	234,29
pakhoed crow.	269,20	76,81
vnu	117,69	8,33
nedlloyd crow.	157,13	197,37
unilever	186,17	76,11
ahold	180,66	38,80
kpn	214,64	248,41
hbg robe.	90,11	289,23
robeco shel.	79,39	192,94
abn	68,32	83,41
hoogovens	130,08	54,13
nedlloyd	194,32	190,27
nedlloyd hbg.	265,93	247,61
ihc poly.	230,98	103,02
bols	20,52	134,84
oce	245,87	265,44
aegon	58,87	68,87
kpn neda.	74,77	68,64
nedlloyd	234,99	185,96
stork kpn.	272,42	15,60
van aego.	146,81	209,05
nedlloyd	13,82	181,30
heineken	268,48	26,40
otra	251,54	273,97
dsm	159,30	275,86
csm poly.	172,81	227,87
crown hein.	276,98	141,84
bam	87,82	250,52
dsm	256,68	46,85
bam phil.	71,58	116,92
bols	221,00	260,47
bam	13,63	199,09
csm nutr.	29,06	92,85
bam	68,92	245,35
ihc roda.	55,88	218,97
nedap	42,95	285,36
rolinco	213,98	76,45
robeco	131,92	10,74
nedlloyd	81,95	295,66
wolters	38,16	94,15
elsevier abn.	191,41	146,08
philips	161,51	125,13
bam	234,07	69,61
shell	60,96	53,60
nedap klm.	206,72	91,57
elsevier	80,83	89,45
nedlloyd	16,67	23,12
bols	10,53	244,46
dsm	280,94	94,18
fokker	235,30	68,60
abn	36,57	286,23
kpn crow.	54,48	45,42
philips bols.	210,27	80,46
asm	92,40	15,99
oce	254,79	128,06
shell	182,60	124,08
fokker ing 286,38 oce unilever unil. wolters ing dsm. begemann heineken bols. akzo 36,72 wolters asm fokker unil. robeco ahold wolters nedlloyd asm. asm begemann shel. ing bols kpn asm. unilever shell van. stork klm hoog. ahold nedlloyd bam. unilever robeco hoogovens shell rolinco amev. hbg hbg ing stork robeco neda. hbg ing. 82,04 oce robeco hbg heineken kpn roli. hoogovens pakh. 198,78 dsm hbg. elsevier elsevier otra 88,88 hbg hoogovens hbg wolters dsm dsm. csm phil. klm ing aegon 225,72 philips akzo dsm. polygram else. abn 55,60 amev unilever abn kpn abn. nedlloyd 245,76 gist nedap pakhoed neda. stork bam pakhoed 84,83 kpn van klm elsevier crown roda. shell crown crown nutricia aego. 9,64 amev kpn 197,32 otra asm. polygram fokker akzo shel. aegon hbg begemann aegon heineken ball. 145,32 stork gist 154,14 bols wolters dsm. ing 127,43 crown 250,92 ing 73,18 nedap heineken pakhoed kpn amev. crown vnu ing. fokker vnu hein. amev akzo. nutricia asm. hoogovens asm. rodamco elsevier otra ihc. bam fokker roli. unilever 84,83 heineken philips bam. aegon hein. begemann ahold aego. 51,01 otra pakhoed nedlloyd wolters ballast 4,24 hbg abn. nedlloyd 93,82 ihc roli. hoogovens bege. van pakhoed 202,17 hoogovens vnu ing 237,29 bols pakhoed rodamco heineken neda. polygram elsevier ballast elsevier dsm philips fokker asm. 82,06 rodamco asm csm hbg. vnu ihc crown oce dsm klm else. begemann ing asm.
robeco crow. 154,92 polygram kpn amev 36,80 hoogovens nutr. philips 241,20 bols 132,28 robeco 166,58 csm pakhoed ahol. unilever ahol. elsevier robeco 83,41 abn nedlloyd wolters bols. 112,56 oce kpn neda. rodamco bols. hbg van 264,11 rodamco roda. 248,22 oce shell 251,25 nutricia hbg kpn. csm pakh. wolters asm nutricia 222,85 robeco nedlloyd neda. ihc phil. csm roda. csm 299,76 van shell 107,04 otra asm gist polygram amev heineken heineken unilever shel. dsm wolt. bols amev. hbg asm stor. stork 76,26 ing stork else. 33,74 kpn bege. 113,92 ahold 235,56 kpn ing abn. 15,88 rolinco dsm akzo. dsm heineken asm. shell 297,98 gist kpn fokker ing. abn pakhoed begemann otra poly. bols bols nutr. hoogovens philips begemann 99,58 rolinco 77,39 asm stork abn nedlloyd bam abn. nedlloyd neda. elsevier stork roli. begemann rolinco stor. 161,62 begemann gist 118,05 amev rolinco 11,44 bam klm. stork dsm amev 249,83 crown wolters philips gist ahold otra 72,73 akzo ballast gist aegon abn roli. rodamco crown akzo ing. otra heineken asm. 215,47 aegon 89,58 ing 25,42 polygram amev csm. ballast csm asm 69,98 pakhoed ihc. gist amev. hoogovens stor. pakhoed pakhoed unilever 57,83 heineken poly. rodamco aegon 2,57 nutricia 21,74 hoogovens pakh. ihc 152,68 hbg roda. hoogovens van. crown nedlloyd 212,19 hbg begemann 122,47 nedlloyd asm. asm 79,34 crown bam akzo abn ball. shell nedl. dsm vnu. 220,43 hoogovens amev. 126,45
hbg van. 79,62 oce ihc wolters amev roda. hoogovens vnu. nedap hbg. stork nedap 224,32 crown csm 49,65 stork bam neda. philips wolt. gist csm. 128,81 otra 296,44 van akzo bam robeco bege. ahold ihc. heineken klm klm. nedlloyd kpn. 84,08 abn stork amev. wolters ihc van stor. kpn aego. ballast rodamco dsm. otra fokker crow. heineken asm. fokker robeco dsm 272,14 unilever abn. akzo ing. philips klm klm ing. gist 197,03 van asm oce ahol. nedlloyd wolters fokker csm gist. hoogovens rolinco klm. 62,32 hoogovens bols 103,24 crown ahold bam 171,54 rodamco ballast 169,94 begemann bols nedap csm. crown otra ballast ahold klm shel. 237,89 stork ing. wolters pakhoed shell vnu. nutricia pakhoed klm. fokker kpn. 189,67 aegon oce. abn roda. 73,43 van polygram wolters bam 119,81 ing robeco gist. nedlloyd csm. otra pakhoed crown kpn unilever nutricia pakhoed pakhoed kpn neda. aegon 282,58 akzo kpn ihc rodamco abn robeco 228,39 ahold van asm nutricia 293,98 rolinco klm asm nutricia rolinco ahol. ahold hoog. pakhoed oce rodamco akzo ball. 223,45 nutricia ball. heineken shel. 24,57 nedap van. asm abn begemann vnu nutr. gist stork 130,34 klm kpn 137,39 hbg 125,70 heineken rodamco ihc heineken stork csm csm abn philips ing. robeco ahol. crown wolt. akzo 207,54 aegon gist. heineken csm nutricia klm 83,73 heineken nedl. nutricia elsevier ing. otra aego. 150,54 ing begemann 17,77 kpn vnu wolters otra 170,17
nedap fokker gist. asm fokker ihc. polygram aegon crow. fokker ahol. gist hbg. crown akzo. aegon rolinco else. 39,09 klm hbg. asm kpn rolinco wolters ihc abn rodamco nedlloyd hbg. amev wolt. aegon unilever unil. dsm kpn begemann pakh. crown poly. unilever dsm ing dsm. 160,01 abn begemann amev begemann begemann shell 291,70 ihc nutr. 132,45 aegon wolt. gist 275,11 csm vnu bam nutricia ball. 5,49 nedlloyd dsm. kpn nutricia polygram fokker bam vnu bege. crown dsm. 2,34 crown nutr. stork klm. polygram 242,27 kpn philips 93,14 nutricia pakhoed akzo crown van dsm csm. ballast abn amev nedlloyd klm nedlloyd crown rodamco nedl. crown ihc. 98,94 van hoogovens hein. asm polygram van kpn kpn abn. 152,86 unilever oce unilever ballast asm fokk. heineken 58,91 wolters abn van ahold hoogovens 250,41 otra crown polygram 190,62 elsevier 111,96 heineken neda. hoogovens van wolt. 153,73 polygram otra crow. 203,80 bam ihc crown bege. vnu ballast phil. bols ahold philips wolters ahold bols. 212,44 asm 145,50 klm 3,25 bols bols. aegon fokker neda. otra 131,98 ihc aegon begemann kpn pakh. 238,74 begemann wolters asm. 299,31 csm 101,81 csm 162,34 kpn ahol. philips 220,44 unilever kpn abn. ballast 96,42 stork aego. shell bam. ing amev 51,07 asm ihc elsevier bols. akzo csm ing klm. 38,41 elsevier shell ihc. heineken hbg ahold vnu aegon hbg kpn hbg robeco nedl. aegon oce polygram klm. shell 169,45 gist hbg.
heineken csm ballast 146,27 dsm oce ahold otra. rodamco hoogovens 2,10 heineken 47,50 ballast csm. dsm ahol. bols nutricia nutricia van. akzo kpn. abn fokker pakhoed ihc. rolinco nutricia akzo. shell polygram dsm heineken ahold 288,31 ihc roli. ahold csm 186,99 rodamco kpn hein. otra rolinco robe. ahold abn. vnu shell wolters elsevier else. bam otra. 212,31 wolters crow. otra fokk. 53,02 crown 20,34 hbg 256,79 asm akzo dsm kpn 290,36 kpn rodamco philips 146,62 ballast abn 120,49 otra ing heineken gist. 99,56 ihc shell gist ahold nutricia csm abn. kpn bam. 297,93 crown roli. philips shell oce nutricia ball. nedlloyd nedlloyd bols. van robeco polygram abn akzo bols. van 113,44 polygram hein. ahold dsm nedap begemann robeco van ing unil. 254,31 bam unilever crow. 169,20 ballast poly. stork hoog. nedap stork 113,89 philips dsm nutr. crown hoogovens stork unilever hoogovens kpn neda. 225,60 rolinco ballast nedap ihc heineken hoogovens neda. stork fokk. 144,33 ihc roli. 22,42 rodamco klm. robeco bols. hoogovens pakhoed rodamco hein. elsevier 299,78 shell fokk. 217,46 dsm kpn amev ing. hbg 133,17 ihc pakh. 157,41 nedlloyd kpn elsevier robeco 104,17 hbg shel. oce klm. crown ahold ballast ball. 115,72 nutricia hbg. 293,27 aegon rolinco gist hbg nedap nutricia gist. ihc kpn gist 161,70 ing crown nedlloyd heineken amev heineken 38,15 begemann 285,10 elsevier 223,40 vnu ing bols. van klm roda.
amev 158,29 gist bols. csm stor. klm vnu. ing gist oce philips hein. abn gist rolinco otra nedap asm. dsm 298,62 ing aegon fokk. 140,05 polygram elsevier 294,01 stork hoog. van gist bols vnu crow. otra robeco rodamco else. polygram 127,74 csm vnu gist ing 176,51 aegon 142,59 bols pakhoed crown gist stork fokker otra 206,22 csm nedap nedap hein. 29,12 nedap klm rolinco ballast 73,10 aegon nedlloyd gist. 247,25 hbg 39,88 unilever robe. ihc 139,95 amev nedlloyd bam. 23,97 robeco vnu aegon ahold hoogovens stork stork neda. ballast 286,09 nutricia nedlloyd nedl. rodamco pakhoed bam bam. polygram crow. dsm heineken stor. ihc dsm. heineken 203,08 nedlloyd van. asm 221,67 gist ball. asm crown rodamco wolters fokk. klm crown wolters pakh. amev csm oce. robeco stork klm ball. van phil. shell polygram 79,69 bam shell shell 55,39 asm akzo. nedlloyd ballast 153,83 aegon elsevier 283,33 vnu ihc pakh. ing polygram 293,95 bam asm asm neda. 205,97 abn bols unilever aego. heineken pakh. kpn hbg bam oce philips hbg. hoogovens nedlloyd begemann bols. hoogovens hoog. 296,31 oce klm. pakhoed nutr. wolters pakh. begemann unilever kpn bam 97,81 aegon robeco ing wolters gist. bols ballast ahold csm 103,13 otra ahold ballast nedap vnu gist. ing otra. van ahol. ihc fokker else. wolters 278,26 bols ahold 242,86 oce nedlloyd nedlloyd hoogovens nutr. shell shel. nutricia 99,19 polygram neda. 267,33 hoogovens roda.
